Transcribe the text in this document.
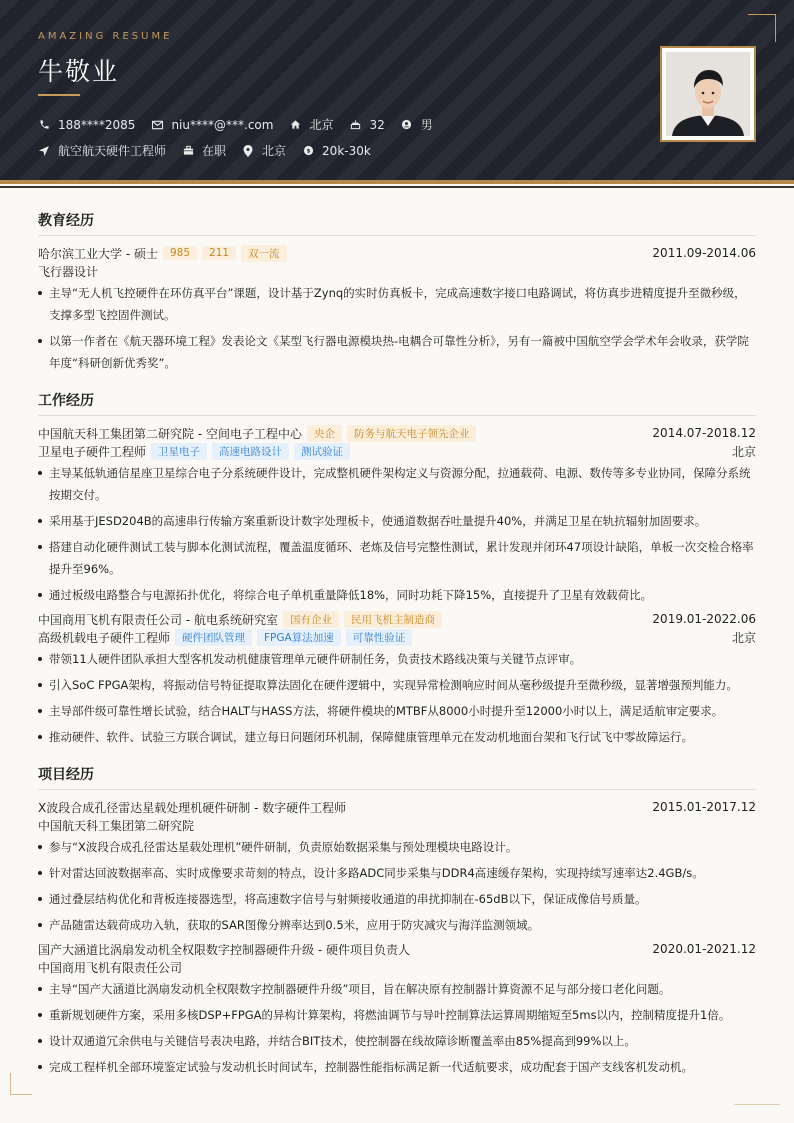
AMAZING RESUME
牛敬业
188****2085	niu****@***.com	北京	32	男
航空航天硬件工程师	在职	北京 $ 20k-30k
教育经历
哈尔滨工业大学 - 硕士	985	211	双一流	2011.09-2014.06
飞行器设计
主导“无人机飞控硬件在环仿真平台”课题，设计基于Zynq的实时仿真板卡，完成高速数字接口电路调试，将仿真步进精度提升至微秒级，支撑多型飞控固件测试。
以第一作者在《航天器环境工程》发表论文《某型飞行器电源模块热-电耦合可靠性分析》，另有一篇被中国航空学会学术年会收录，获学院年度“科研创新优秀奖”。
工作经历
中国航天科工集团第二研究院 - 空间电子工程中心	央企	防务与航天电子领先企业	2014.07-2018.12
卫星电子硬件工程师	卫星电子	高速电路设计	测试验证	北京
主导某低轨通信星座卫星综合电子分系统硬件设计，完成整机硬件架构定义与资源分配，拉通载荷、电源、数传等多专业协同，保障分系统按期交付。
采用基于JESD204B的高速串行传输方案重新设计数字处理板卡，使通道数据吞吐量提升40%，并满足卫星在轨抗辐射加固要求。
搭建自动化硬件测试工装与脚本化测试流程，覆盖温度循环、老炼及信号完整性测试，累计发现并闭环47项设计缺陷，单板一次交检合格率提升至96%。
通过板级电路整合与电源拓扑优化，将综合电子单机重量降低18%，同时功耗下降15%，直接提升了卫星有效载荷比。
中国商用飞机有限责任公司 - 航电系统研究室	国有企业	民用飞机主制造商	2019.01-2022.06
高级机载电子硬件工程师	硬件团队管理	FPGA算法加速	可靠性验证	北京
带领11人硬件团队承担大型客机发动机健康管理单元硬件研制任务，负责技术路线决策与关键节点评审。
引入SoC FPGA架构，将振动信号特征提取算法固化在硬件逻辑中，实现异常检测响应时间从毫秒级提升至微秒级，显著增强预判能力。
主导部件级可靠性增长试验，结合HALT与HASS方法，将硬件模块的MTBF从8000小时提升至12000小时以上，满足适航审定要求。
推动硬件、软件、试验三方联合调试，建立每日问题闭环机制，保障健康管理单元在发动机地面台架和飞行试飞中零故障运行。
项目经历
X波段合成孔径雷达星载处理机硬件研制 - 数字硬件工程师	2015.01-2017.12
中国航天科工集团第二研究院
参与“X波段合成孔径雷达星载处理机”硬件研制，负责原始数据采集与预处理模块电路设计。
针对雷达回波数据率高、实时成像要求苛刻的特点，设计多路ADC同步采集与DDR4高速缓存架构，实现持续写速率达2.4GB/s。
通过叠层结构优化和背板连接器选型，将高速数字信号与射频接收通道的串扰抑制在-65dB以下，保证成像信号质量。
产品随雷达载荷成功入轨，获取的SAR图像分辨率达到0.5米，应用于防灾减灾与海洋监测领域。
国产大涵道比涡扇发动机全权限数字控制器硬件升级 - 硬件项目负责人	2020.01-2021.12
中国商用飞机有限责任公司
主导“国产大涵道比涡扇发动机全权限数字控制器硬件升级”项目，旨在解决原有控制器计算资源不足与部分接口老化问题。
重新规划硬件方案，采用多核DSP+FPGA的异构计算架构，将燃油调节与导叶控制算法运算周期缩短至5ms以内，控制精度提升1倍。
设计双通道冗余供电与关键信号表决电路，并结合BIT技术，使控制器在线故障诊断覆盖率由85%提高到99%以上。
完成工程样机全部环境鉴定试验与发动机长时间试车，控制器性能指标满足新一代适航要求，成功配套于国产支线客机发动机。
